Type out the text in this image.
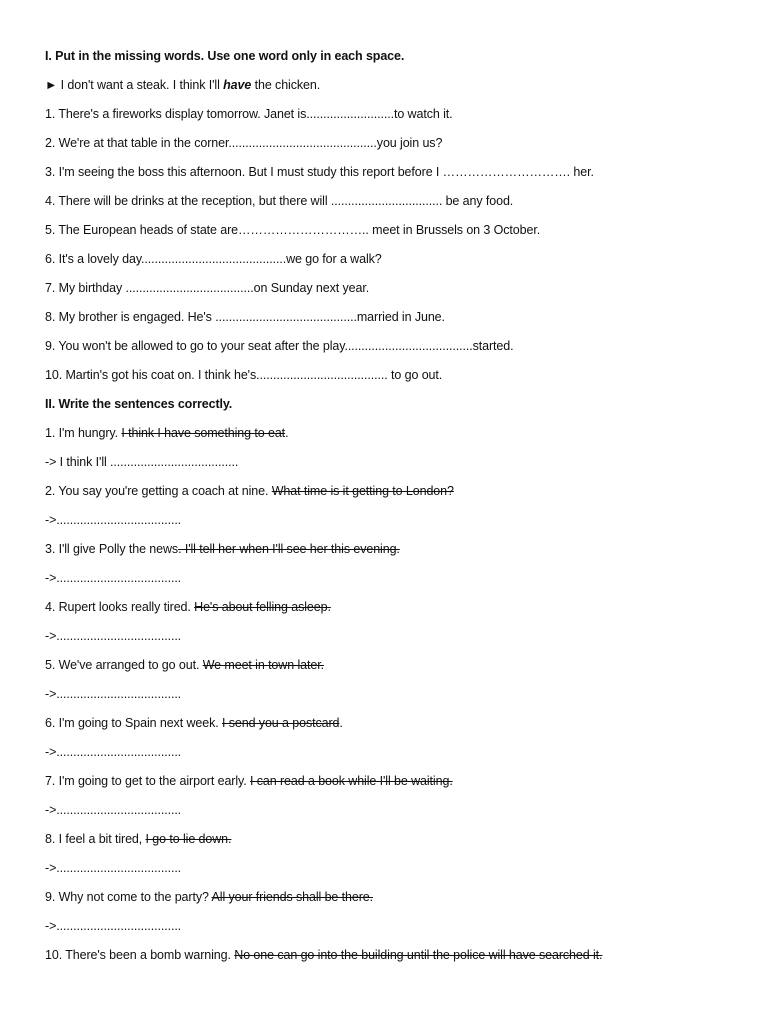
I. Put in the missing words. Use one word only in each space.
► I don't want a steak. I think I'll have the chicken.
1. There's a fireworks display tomorrow. Janet is..........................to watch it.
2. We're at that table in the corner............................................you join us?
3. I'm seeing the boss this afternoon. But I must study this report before I …………………………. her.
4. There will be drinks at the reception, but there will ................................. be any food.
5. The European heads of state are………………………….. meet in Brussels on 3 October.
6. It's a lovely day...........................................we go for a walk?
7. My birthday ......................................on Sunday next year.
8. My brother is engaged. He's ..........................................married in June.
9. You won't be allowed to go to your seat after the play......................................started.
10. Martin's got his coat on. I think he's....................................... to go out.
II. Write the sentences correctly.
1. I'm hungry. I think I have something to eat.
-> I think I'll ......................................
2. You say you're getting a coach at nine. What time is it getting to London?
->.....................................
3. I'll give Polly the news. I'll tell her when I'll see her this evening.
->.....................................
4. Rupert looks really tired. He's about felling asleep.
->.....................................
5. We've arranged to go out. We meet in town later.
->.....................................
6. I'm going to Spain next week. I send you a postcard.
->.....................................
7. I'm going to get to the airport early. I can read a book while I'll be waiting.
->.....................................
8. I feel a bit tired, I go to lie down.
->.....................................
9. Why not come to the party? All your friends shall be there.
->.....................................
10. There's been a bomb warning. No one can go into the building until the police will have searched it.
